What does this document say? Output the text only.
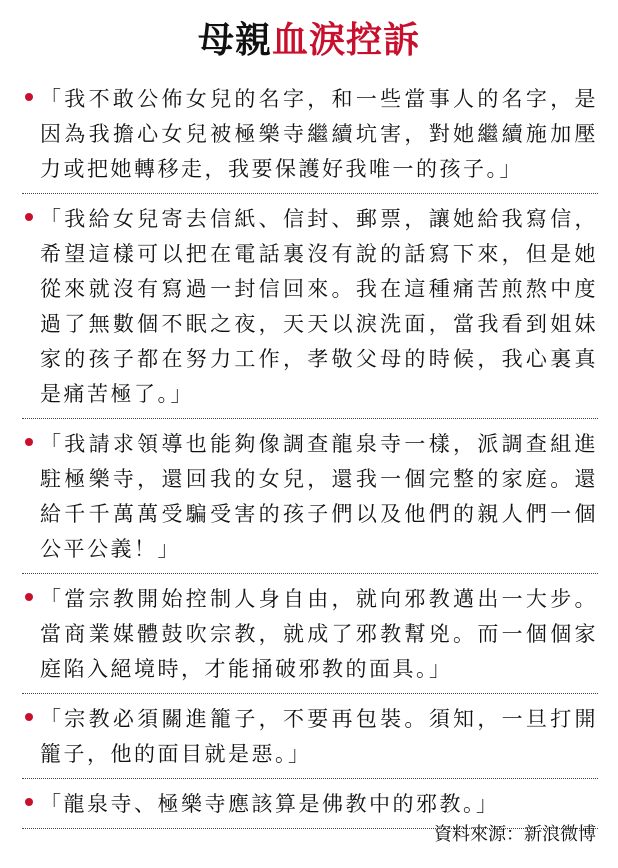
母親血淚控訴
「我不敢公佈女兒的名字，和一些當事人的名字，是因為我擔心女兒被極樂寺繼續坑害，對她繼續施加壓力或把她轉移走，我要保護好我唯一的孩子。」
「我給女兒寄去信紙、信封、郵票，讓她給我寫信，希望這樣可以把在電話裏沒有說的話寫下來，但是她從來就沒有寫過一封信回來。我在這種痛苦煎熬中度過了無數個不眠之夜，天天以淚洗面，當我看到姐妹家的孩子都在努力工作，孝敬父母的時候，我心裏真是痛苦極了。」
「我請求領導也能夠像調查龍泉寺一樣，派調查組進駐極樂寺，還回我的女兒，還我一個完整的家庭。還給千千萬萬受騙受害的孩子們以及他們的親人們一個公平公義！」
「當宗教開始控制人身自由，就向邪教邁出一大步。當商業媒體鼓吹宗教，就成了邪教幫兇。而一個個家庭陷入絕境時，才能捅破邪教的面具。」
「宗教必須關進籠子，不要再包裝。須知，一旦打開籠子，他的面目就是惡。」
「龍泉寺、極樂寺應該算是佛教中的邪教。」
資料來源：新浪微博
